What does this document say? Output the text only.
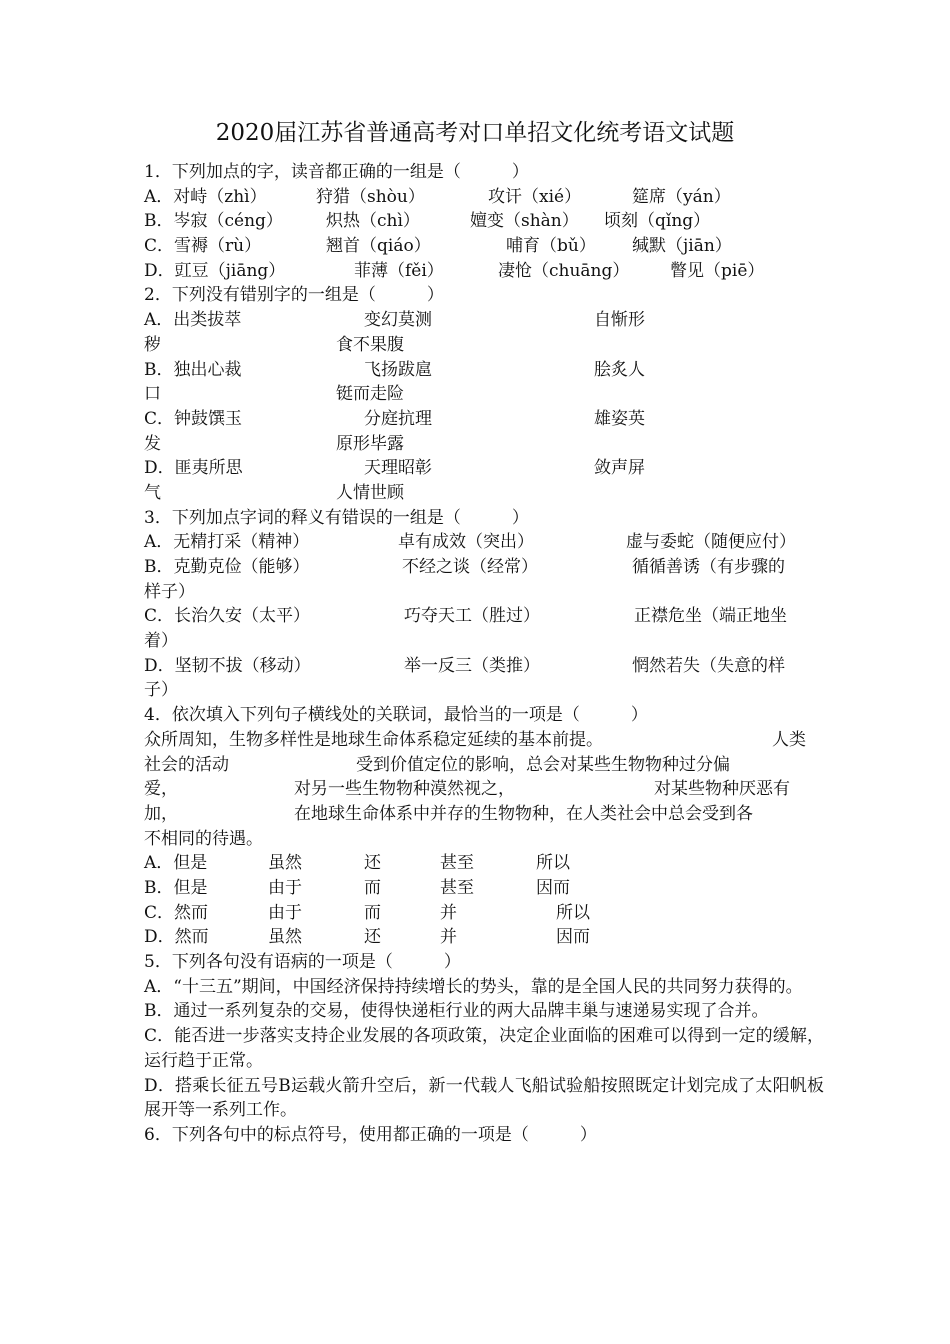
2020届江苏省普通高考对口单招文化统考语文试题
1．下列加点的字，读音都正确的一组是（　　　）
A．对峙（zhì）	狩猎（shòu）	攻讦（xié）	筵席（yán）
B．岑寂（céng）	炽热（chì）	嬗变（shàn） 顷刻（qǐng）
C．雪褥（rù）	翘首（qiáo）	哺育（bǔ） 缄默（jiān）
D．豇豆（jiāng）	菲薄（fěi）	凄怆（chuāng） 瞥见（piē）
2．下列没有错别字的一组是（　　　）
A．出类拔萃	变幻莫测	自惭形
秽	食不果腹
B．独出心裁	飞扬跋扈	脍炙人
口	铤而走险
C．钟鼓馔玉	分庭抗理	雄姿英
发	原形毕露
D．匪夷所思	天理昭彰	敛声屏
气	人情世顾
3．下列加点字词的释义有错误的一组是（　　　）
A．无精打采（精神）	卓有成效（突出）	虚与委蛇（随便应付）
B．克勤克俭（能够）	不经之谈（经常）	循循善诱（有步骤的
样子）
C．长治久安（太平）	巧夺天工（胜过）	正襟危坐（端正地坐
着）
D．坚韧不拔（移动）	举一反三（类推）	惘然若失（失意的样
子）
4．依次填入下列句子横线处的关联词，最恰当的一项是（　　　）
众所周知，生物多样性是地球生命体系稳定延续的基本前提。	人类
社会的活动	受到价值定位的影响，总会对某些生物物种过分偏
爱，	对另一些生物物种漠然视之，	对某些物种厌恶有
加，	在地球生命体系中并存的生物物种，在人类社会中总会受到各
不相同的待遇。
A．但是	虽然	还	甚至	所以
B．但是	由于	而	甚至	因而
C．然而	由于	而	并	所以
D．然而	虽然	还	并	因而
5．下列各句没有语病的一项是（　　　）
A．“十三五”期间，中国经济保持持续增长的势头，靠的是全国人民的共同努力获得的。
B．通过一系列复杂的交易，使得快递柜行业的两大品牌丰巢与速递易实现了合并。
C．能否进一步落实支持企业发展的各项政策，决定企业面临的困难可以得到一定的缓解，运行趋于正常。
D．搭乘长征五号B运载火箭升空后，新一代载人飞船试验船按照既定计划完成了太阳帆板展开等一系列工作。
6．下列各句中的标点符号，使用都正确的一项是（　　　）
